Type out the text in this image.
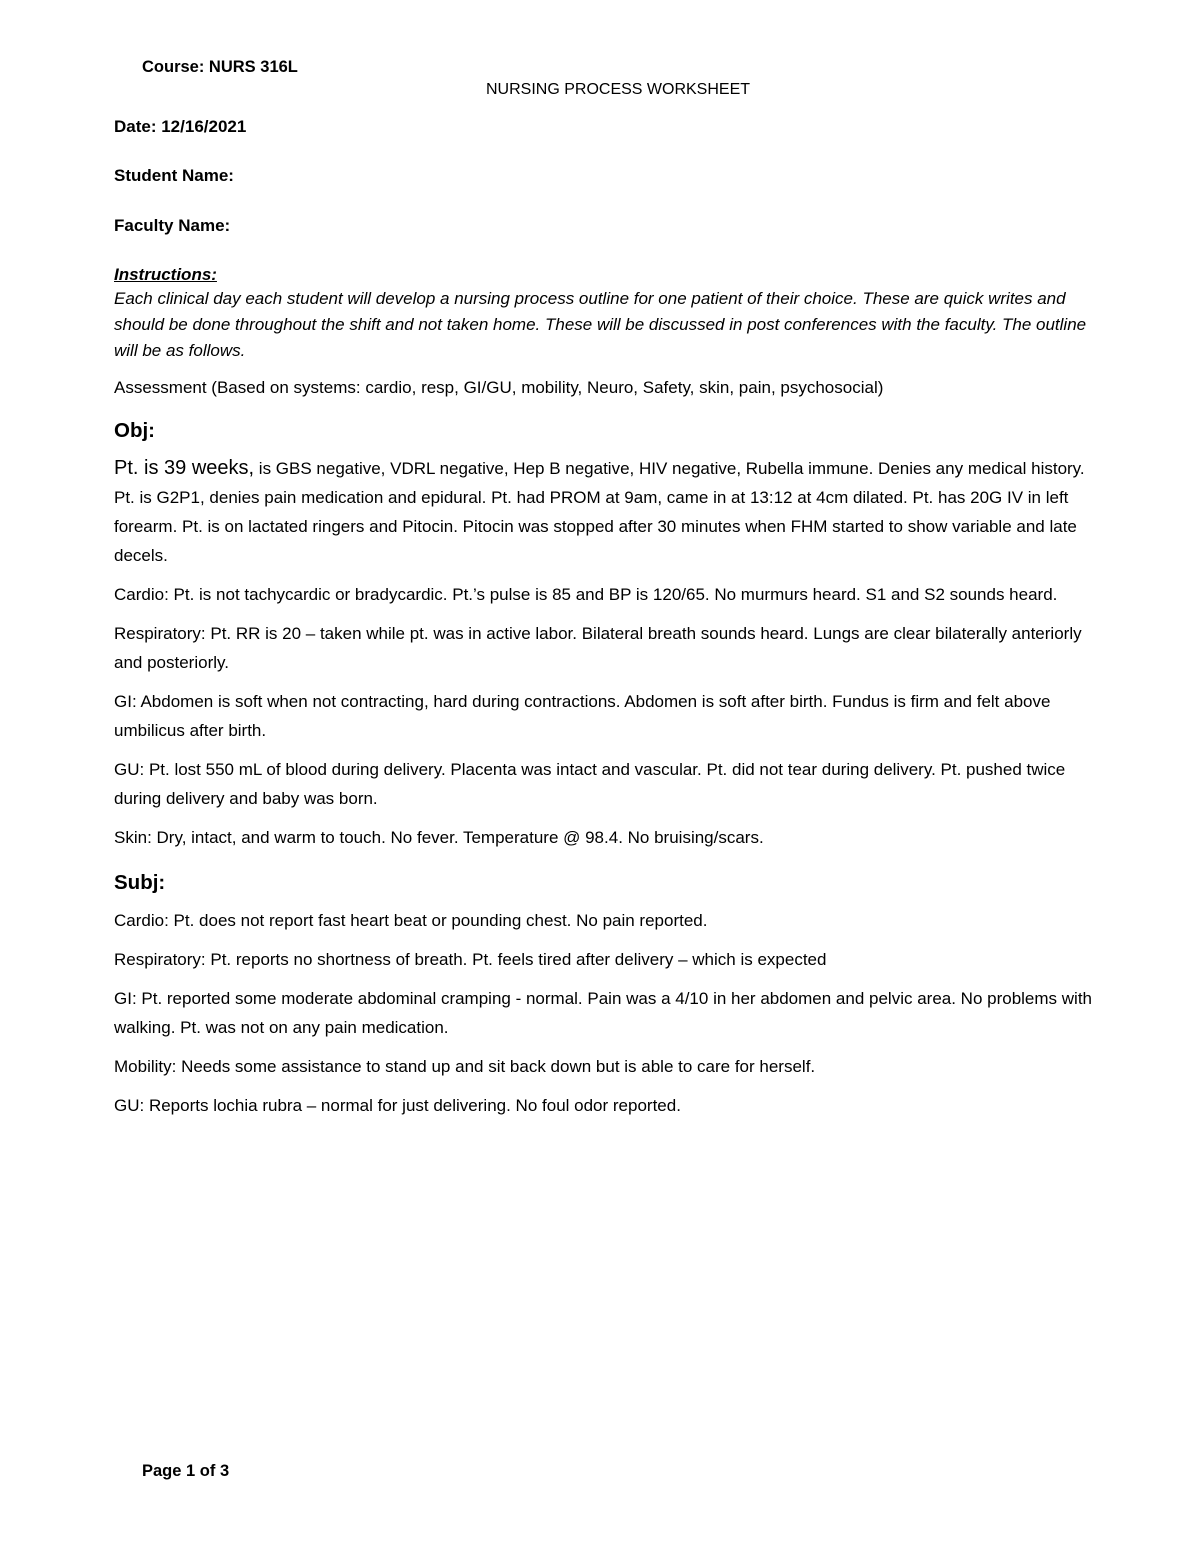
Course: NURS 316L
NURSING PROCESS WORKSHEET
Date: 12/16/2021
Student Name:
Faculty Name:

Instructions:

Each clinical day each student will develop a nursing process outline for one patient of their choice. These are quick writes and should be done throughout the shift and not taken home. These will be discussed in post conferences with the faculty. The outline will be as follows.

Assessment (Based on systems: cardio, resp, GI/GU, mobility, Neuro, Safety, skin, pain, psychosocial)

Obj:

Pt. is 39 weeks, is GBS negative, VDRL negative, Hep B negative, HIV negative, Rubella immune. Denies any medical history. Pt. is G2P1, denies pain medication and epidural. Pt. had PROM at 9am, came in at 13:12 at 4cm dilated. Pt. has 20G IV in left forearm. Pt. is on lactated ringers and Pitocin. Pitocin was stopped after 30 minutes when FHM started to show variable and late decels.

Cardio: Pt. is not tachycardic or bradycardic. Pt.’s pulse is 85 and BP is 120/65. No murmurs heard. S1 and S2 sounds heard.

Respiratory: Pt. RR is 20 – taken while pt. was in active labor. Bilateral breath sounds heard. Lungs are clear bilaterally anteriorly and posteriorly.

GI: Abdomen is soft when not contracting, hard during contractions. Abdomen is soft after birth. Fundus is firm and felt above umbilicus after birth.

GU: Pt. lost 550 mL of blood during delivery. Placenta was intact and vascular. Pt. did not tear during delivery. Pt. pushed twice during delivery and baby was born.

Skin: Dry, intact, and warm to touch. No fever. Temperature @ 98.4. No bruising/scars.

Subj:

Cardio: Pt. does not report fast heart beat or pounding chest. No pain reported.

Respiratory: Pt. reports no shortness of breath. Pt. feels tired after delivery – which is expected

GI: Pt. reported some moderate abdominal cramping - normal. Pain was a 4/10 in her abdomen and pelvic area. No problems with walking. Pt. was not on any pain medication.

Mobility: Needs some assistance to stand up and sit back down but is able to care for herself.

GU: Reports lochia rubra – normal for just delivering. No foul odor reported.

Page 1 of 3
